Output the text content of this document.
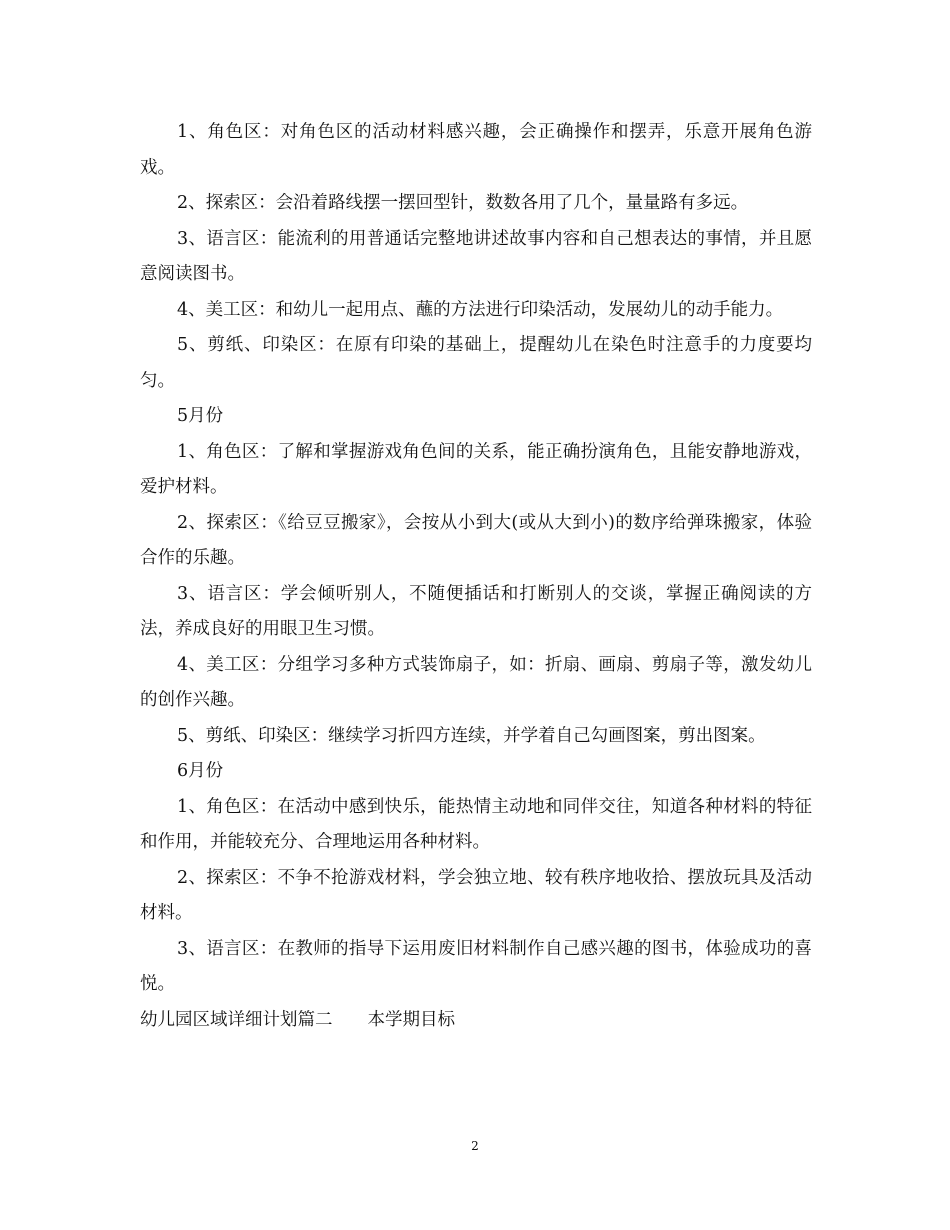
1、角色区：对角色区的活动材料感兴趣，会正确操作和摆弄，乐意开展角色游戏。

2、探索区：会沿着路线摆一摆回型针，数数各用了几个，量量路有多远。

3、语言区：能流利的用普通话完整地讲述故事内容和自己想表达的事情，并且愿意阅读图书。

4、美工区：和幼儿一起用点、蘸的方法进行印染活动，发展幼儿的动手能力。

5、剪纸、印染区：在原有印染的基础上，提醒幼儿在染色时注意手的力度要均匀。

5月份

1、角色区：了解和掌握游戏角色间的关系，能正确扮演角色，且能安静地游戏，爱护材料。

2、探索区：《给豆豆搬家》，会按从小到大(或从大到小)的数序给弹珠搬家，体验合作的乐趣。

3、语言区：学会倾听别人，不随便插话和打断别人的交谈，掌握正确阅读的方法，养成良好的用眼卫生习惯。

4、美工区：分组学习多种方式装饰扇子，如：折扇、画扇、剪扇子等，激发幼儿的创作兴趣。

5、剪纸、印染区：继续学习折四方连续，并学着自己勾画图案，剪出图案。

6月份

1、角色区：在活动中感到快乐，能热情主动地和同伴交往，知道各种材料的特征和作用，并能较充分、合理地运用各种材料。

2、探索区：不争不抢游戏材料，学会独立地、较有秩序地收拾、摆放玩具及活动材料。

3、语言区：在教师的指导下运用废旧材料制作自己感兴趣的图书，体验成功的喜悦。

幼儿园区域详细计划篇二　　本学期目标

2
